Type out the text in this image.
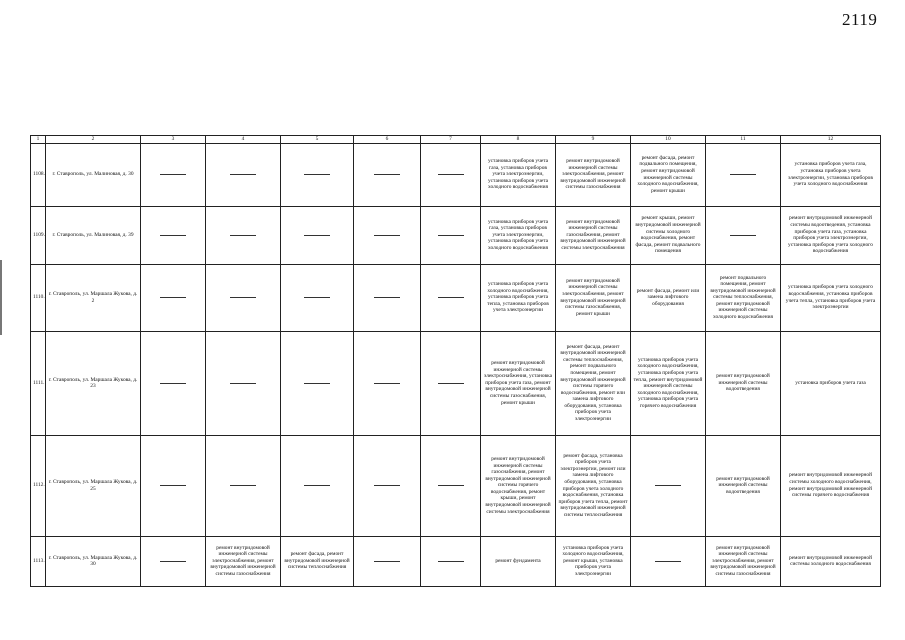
2119
1	2	3	4	5	6	7	8	9	10	11	12
1108.	г. Ставрополь, ул. Малиновая, д. 30						установка приборов учета газа, установка приборов учета электроэнергии, установка приборов учета холодного водоснабжения	ремонт внутридомовой инженерной системы электроснабжения, ремонт внутридомовой инженерной системы газоснабжения	ремонт фасада, ремонт подвального помещения, ремонт внутридомовой инженерной системы холодного водоснабжения, ремонт крыши		установка приборов учета газа, установка приборов учета электроэнергии, установка приборов учета холодного водоснабжения
1109.	г. Ставрополь, ул. Малиновая, д. 39						установка приборов учета газа, установка приборов учета электроэнергии, установка приборов учета холодного водоснабжения	ремонт внутридомовой инженерной системы газоснабжения, ремонт внутридомовой инженерной системы электроснабжения	ремонт крыши, ремонт внутридомовой инженерной системы холодного водоснабжения, ремонт фасада, ремонт подвального помещения		ремонт внутридомовой инженерной системы водоотведения, установка приборов учета газа, установка приборов учета электроэнергии, установка приборов учета холодного водоснабжения
1110.	г. Ставрополь, ул. Маршала Жукова, д. 2						установка приборов учета холодного водоснабжения, установка приборов учета тепла, установка приборов учета электроэнергии	ремонт внутридомовой инженерной системы электроснабжения, ремонт внутридомовой инженерной системы газоснабжения, ремонт крыши	ремонт фасада, ремонт или замена лифтового оборудования	ремонт подвального помещения, ремонт внутридомовой инженерной системы теплоснабжения, ремонт внутридомовой инженерной системы холодного водоснабжения	установка приборов учета холодного водоснабжения, установка приборов учета тепла, установка приборов учета электроэнергии
1111.	г. Ставрополь, ул. Маршала Жукова, д. 23						ремонт внутридомовой инженерной системы электроснабжения, установка приборов учета газа, ремонт внутридомовой инженерной системы газоснабжения, ремонт крыши	ремонт фасада, ремонт внутридомовой инженерной системы теплоснабжения, ремонт подвального помещения, ремонт внутридомовой инженерной системы горячего водоснабжения, ремонт или замена лифтового оборудования, установка приборов учета электроэнергии	установка приборов учета холодного водоснабжения, установка приборов учета тепла, ремонт внутридомовой инженерной системы холодного водоснабжения, установка приборов учета горячего водоснабжения	ремонт внутридомовой инженерной системы водоотведения	установка приборов учета газа
1112.	г. Ставрополь, ул. Маршала Жукова, д. 25						ремонт внутридомовой инженерной системы газоснабжения, ремонт внутридомовой инженерной системы горячего водоснабжения, ремонт крыши, ремонт внутридомовой инженерной системы электроснабжения	ремонт фасада, установка приборов учета электроэнергии, ремонт или замена лифтового оборудования, установка приборов учета холодного водоснабжения, установка приборов учета тепла, ремонт внутридомовой инженерной системы теплоснабжения		ремонт внутридомовой инженерной системы водоотведения	ремонт внутридомовой инженерной системы холодного водоснабжения, ремонт внутридомовой инженерной системы горячего водоснабжения
1113.	г. Ставрополь, ул. Маршала Жукова, д. 30		ремонт внутридомовой инженерной системы электроснабжения, ремонт внутридомовой инженерной системы газоснабжения	ремонт фасада, ремонт внутридомовой инженерной системы теплоснабжения			ремонт фундамента	установка приборов учета холодного водоснабжения, ремонт крыши, установка приборов учета электроэнергии		ремонт внутридомовой инженерной системы электроснабжения, ремонт внутридомовой инженерной системы газоснабжения	ремонт внутридомовой инженерной системы холодного водоснабжения
